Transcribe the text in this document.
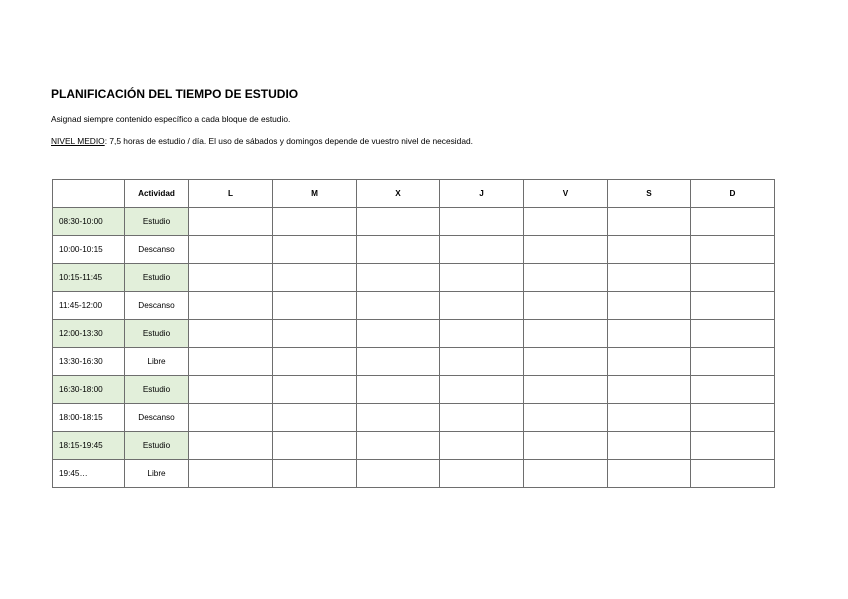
PLANIFICACIÓN DEL TIEMPO DE ESTUDIO
Asignad siempre contenido específico a cada bloque de estudio.
NIVEL MEDIO: 7,5 horas de estudio / día. El uso de sábados y domingos depende de vuestro nivel de necesidad.
	Actividad	L	M	X	J	V	S	D
08:30-10:00	Estudio							
10:00-10:15	Descanso							
10:15-11:45	Estudio							
11:45-12:00	Descanso							
12:00-13:30	Estudio							
13:30-16:30	Libre							
16:30-18:00	Estudio							
18:00-18:15	Descanso							
18:15-19:45	Estudio							
19:45…	Libre							
